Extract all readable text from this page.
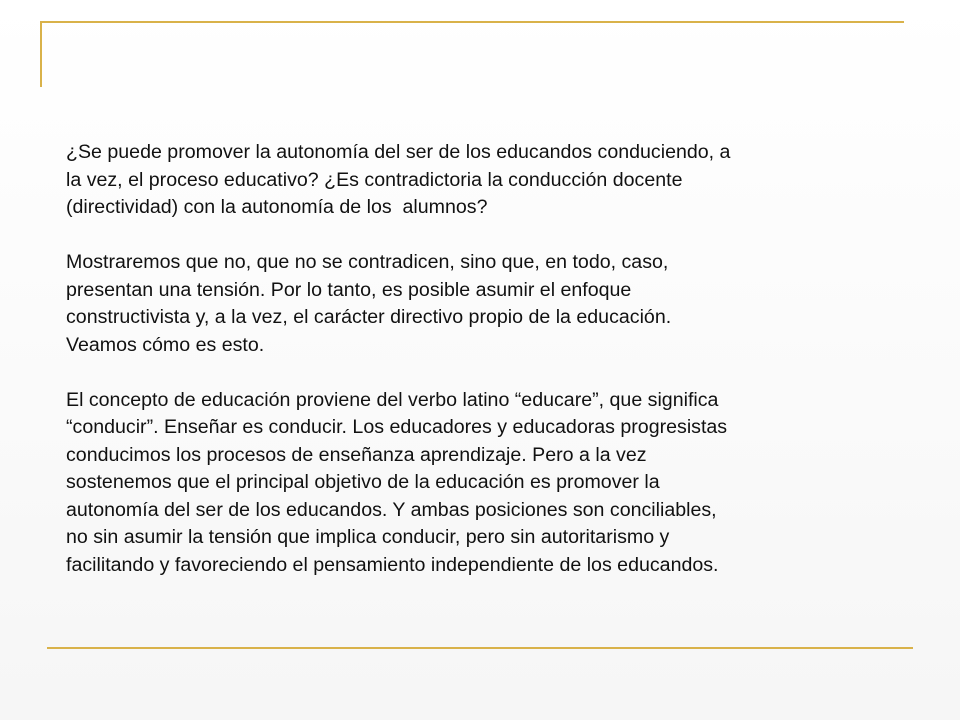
¿Se puede promover la autonomía del ser de los educandos conduciendo, a
la vez, el proceso educativo? ¿Es contradictoria la conducción docente
(directividad) con la autonomía de los  alumnos?

Mostraremos que no, que no se contradicen, sino que, en todo, caso,
presentan una tensión. Por lo tanto, es posible asumir el enfoque
constructivista y, a la vez, el carácter directivo propio de la educación.
Veamos cómo es esto.

El concepto de educación proviene del verbo latino “educare”, que significa
“conducir”. Enseñar es conducir. Los educadores y educadoras progresistas
conducimos los procesos de enseñanza aprendizaje. Pero a la vez
sostenemos que el principal objetivo de la educación es promover la
autonomía del ser de los educandos. Y ambas posiciones son conciliables,
no sin asumir la tensión que implica conducir, pero sin autoritarismo y
facilitando y favoreciendo el pensamiento independiente de los educandos.
